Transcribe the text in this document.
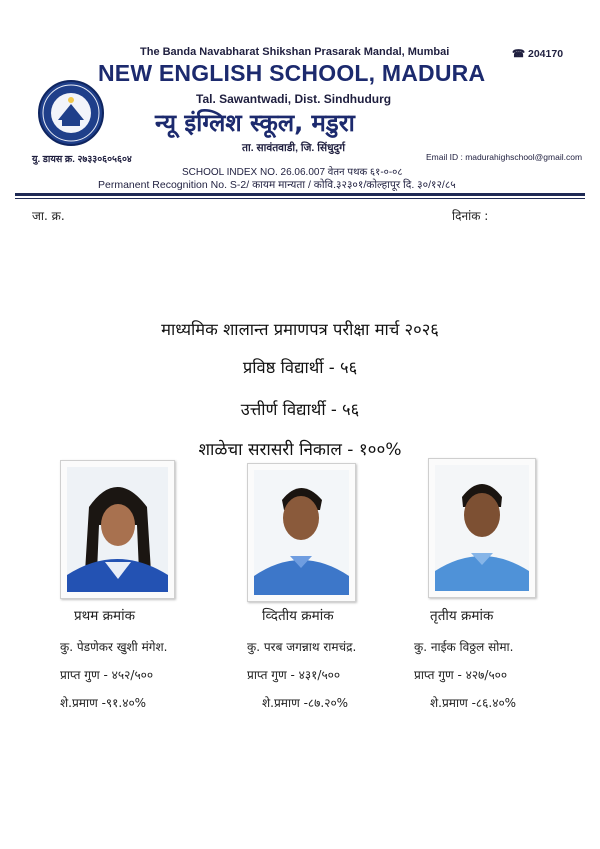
The Banda Navabharat Shikshan Prasarak Mandal, Mumbai	☎ 204170
NEW ENGLISH SCHOOL, MADURA
Tal. Sawantwadi, Dist. Sindhudurg
न्यू इंग्लिश स्कूल, मडुरा
ता. सावंतवाडी, जि. सिंधुदुर्ग
यु. डायस क्र. २७३३०६०५६०४	Email ID : madurahighschool@gmail.com
SCHOOL INDEX NO. 26.06.007 वेतन पथक ६१-०-०८
Permanent Recognition No. S-2/ कायम मान्यता / कोवि.३२३०१/कोल्हापूर दि. ३०/१२/८५
जा. क्र.	दिनांक :
माध्यमिक शालान्त प्रमाणपत्र परीक्षा मार्च २०२६
प्रविष्ठ विद्यार्थी - ५६
उत्तीर्ण विद्यार्थी - ५६
शाळेचा सरासरी निकाल - १००%
प्रथम क्रमांक	व्दितीय क्रमांक	तृतीय क्रमांक
कु. पेडणेकर खुशी मंगेश.	कु. परब जगन्नाथ रामचंद्र.	कु. नाईक विठ्ठल सोमा.
प्राप्त गुण - ४५२/५००	प्राप्त गुण - ४३१/५००	प्राप्त गुण - ४२७/५००
शे.प्रमाण -९१.४०%	शे.प्रमाण -८७.२०%	शे.प्रमाण -८६.४०%
